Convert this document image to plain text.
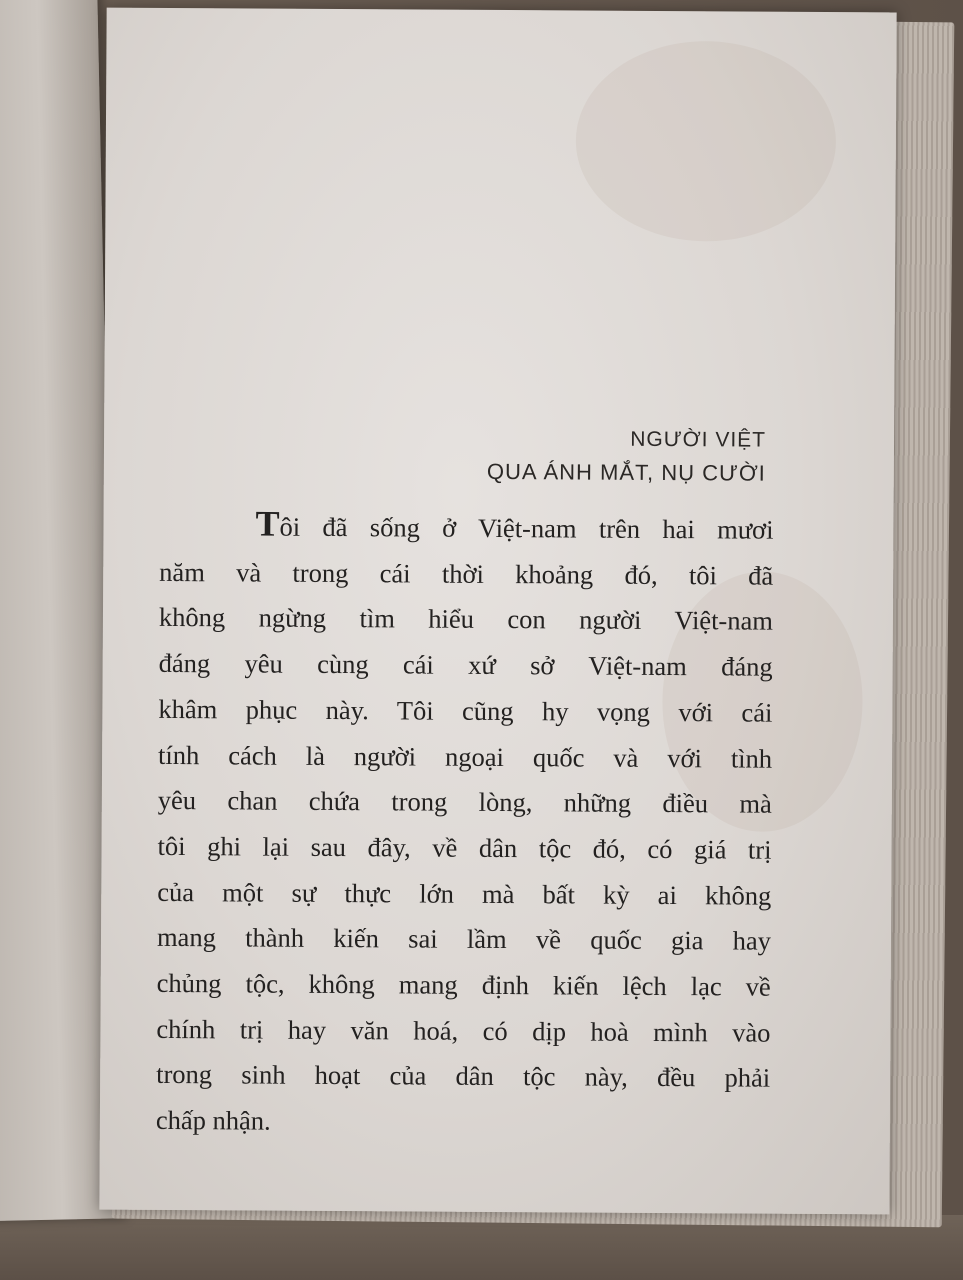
NGƯỜI VIỆT
QUA ÁNH MẮT, NỤ CƯỜI
Tôi đã sống ở Việt-nam trên hai mươi
năm và trong cái thời khoảng đó, tôi đã
không ngừng tìm hiểu con người Việt-nam
đáng yêu cùng cái xứ sở Việt-nam đáng
khâm phục này. Tôi cũng hy vọng với cái
tính cách là người ngoại quốc và với tình
yêu chan chứa trong lòng, những điều mà
tôi ghi lại sau đây, về dân tộc đó, có giá trị
của một sự thực lớn mà bất kỳ ai không
mang thành kiến sai lầm về quốc gia hay
chủng tộc, không mang định kiến lệch lạc về
chính trị hay văn hoá, có dịp hoà mình vào
trong sinh hoạt của dân tộc này, đều phải
chấp nhận.
